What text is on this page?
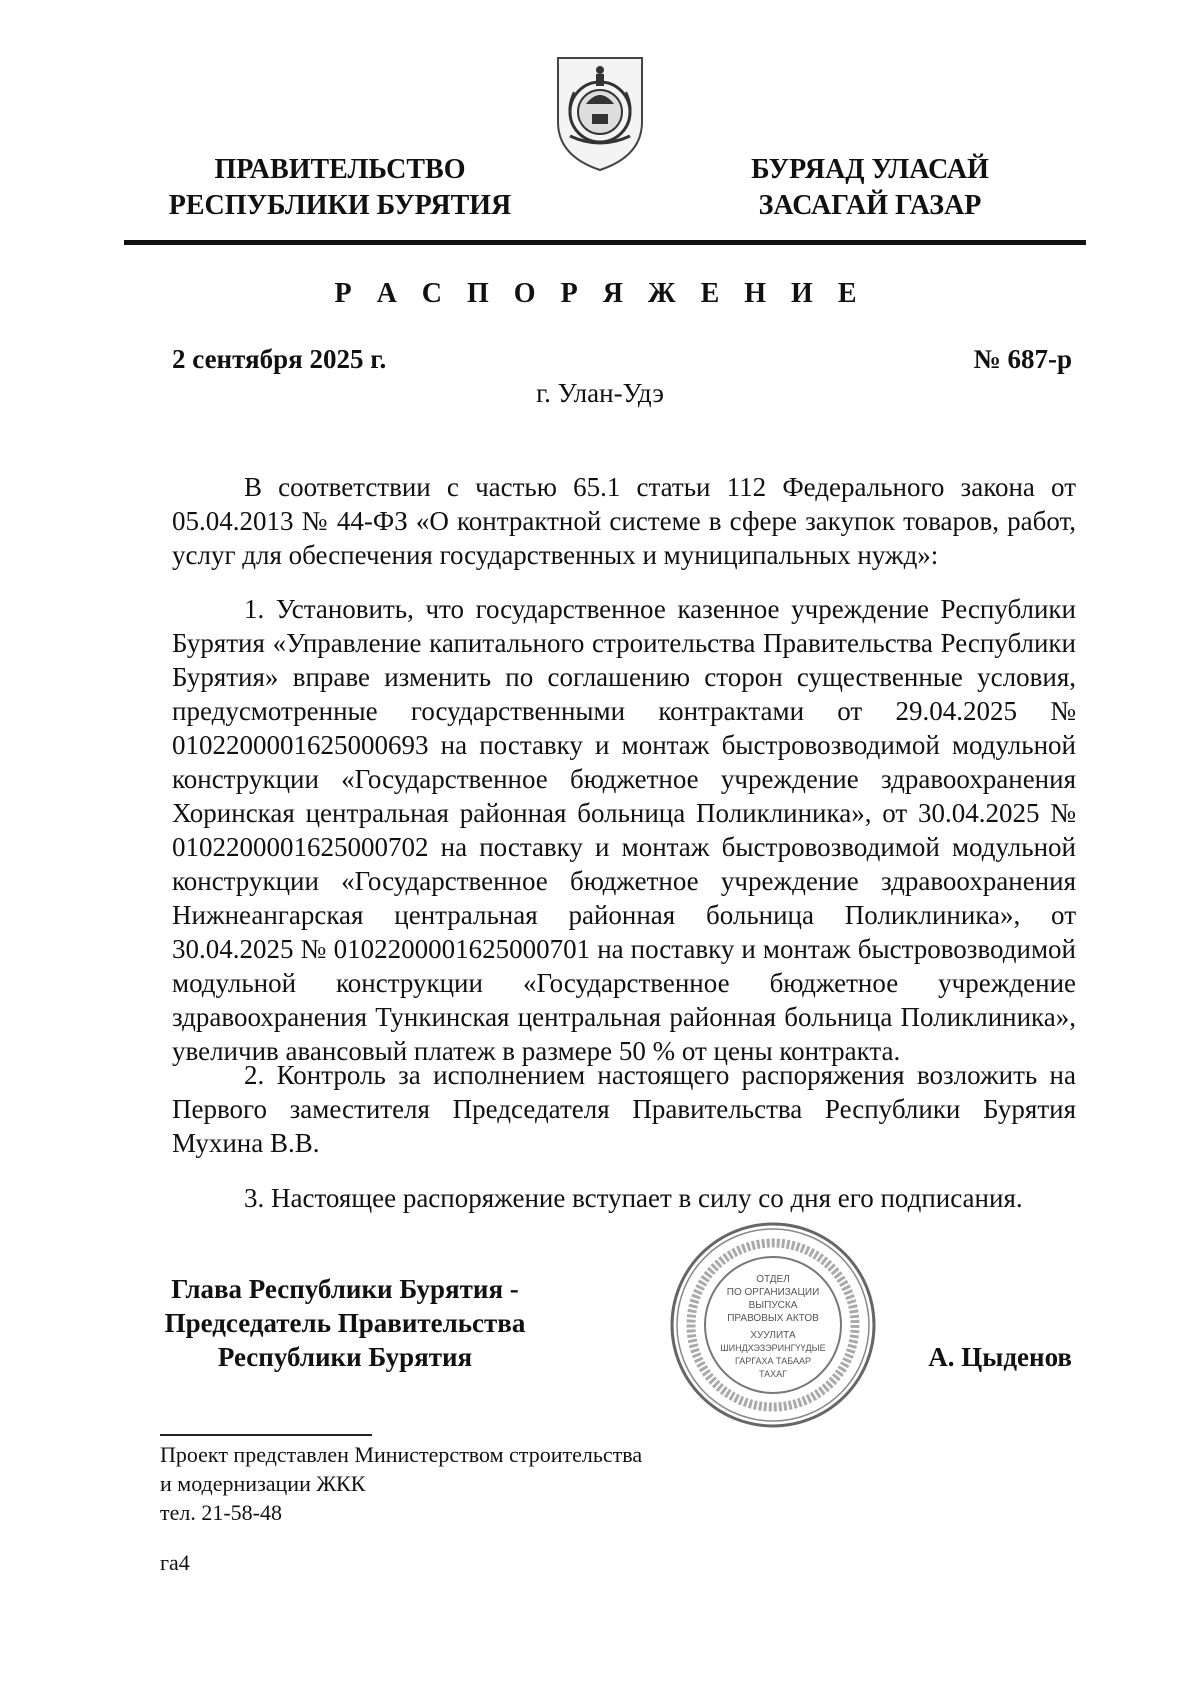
ПРАВИТЕЛЬСТВО
РЕСПУБЛИКИ БУРЯТИЯ
БУРЯАД УЛАСАЙ
ЗАСАГАЙ ГАЗАР
Р А С П О Р Я Ж Е Н И Е
2 сентября 2025 г.	№ 687-р
г. Улан-Удэ
В соответствии с частью 65.1 статьи 112 Федерального закона от 05.04.2013 № 44-ФЗ «О контрактной системе в сфере закупок товаров, работ, услуг для обеспечения государственных и муниципальных нужд»:
1. Установить, что государственное казенное учреждение Республики Бурятия «Управление капитального строительства Правительства Республики Бурятия» вправе изменить по соглашению сторон существенные условия, предусмотренные государственными контрактами от 29.04.2025 № 0102200001625000693 на поставку и монтаж быстровозводимой модульной конструкции «Государственное бюджетное учреждение здравоохранения Хоринская центральная районная больница Поликлиника», от 30.04.2025 № 0102200001625000702 на поставку и монтаж быстровозводимой модульной конструкции «Государственное бюджетное учреждение здравоохранения Нижнеангарская центральная районная больница Поликлиника», от 30.04.2025 № 0102200001625000701 на поставку и монтаж быстровозводимой модульной конструкции «Государственное бюджетное учреждение здравоохранения Тункинская центральная районная больница Поликлиника», увеличив авансовый платеж в размере 50 % от цены контракта.
2. Контроль за исполнением настоящего распоряжения возложить на Первого заместителя Председателя Правительства Республики Бурятия Мухина В.В.
3. Настоящее распоряжение вступает в силу со дня его подписания.
Глава Республики Бурятия -
Председатель Правительства
Республики Бурятия	А. Цыденов
ОТДЕЛ
ПО ОРГАНИЗАЦИИ
ВЫПУСКА
ПРАВОВЫХ АКТОВ
ХУУЛИТА
ШИНДХЭЗЭРИНГҮҮДЫЕ
ГАРГАХА ТАБААР
ТАХАГ
Проект представлен Министерством строительства
и модернизации ЖКК
тел. 21-58-48
га4
